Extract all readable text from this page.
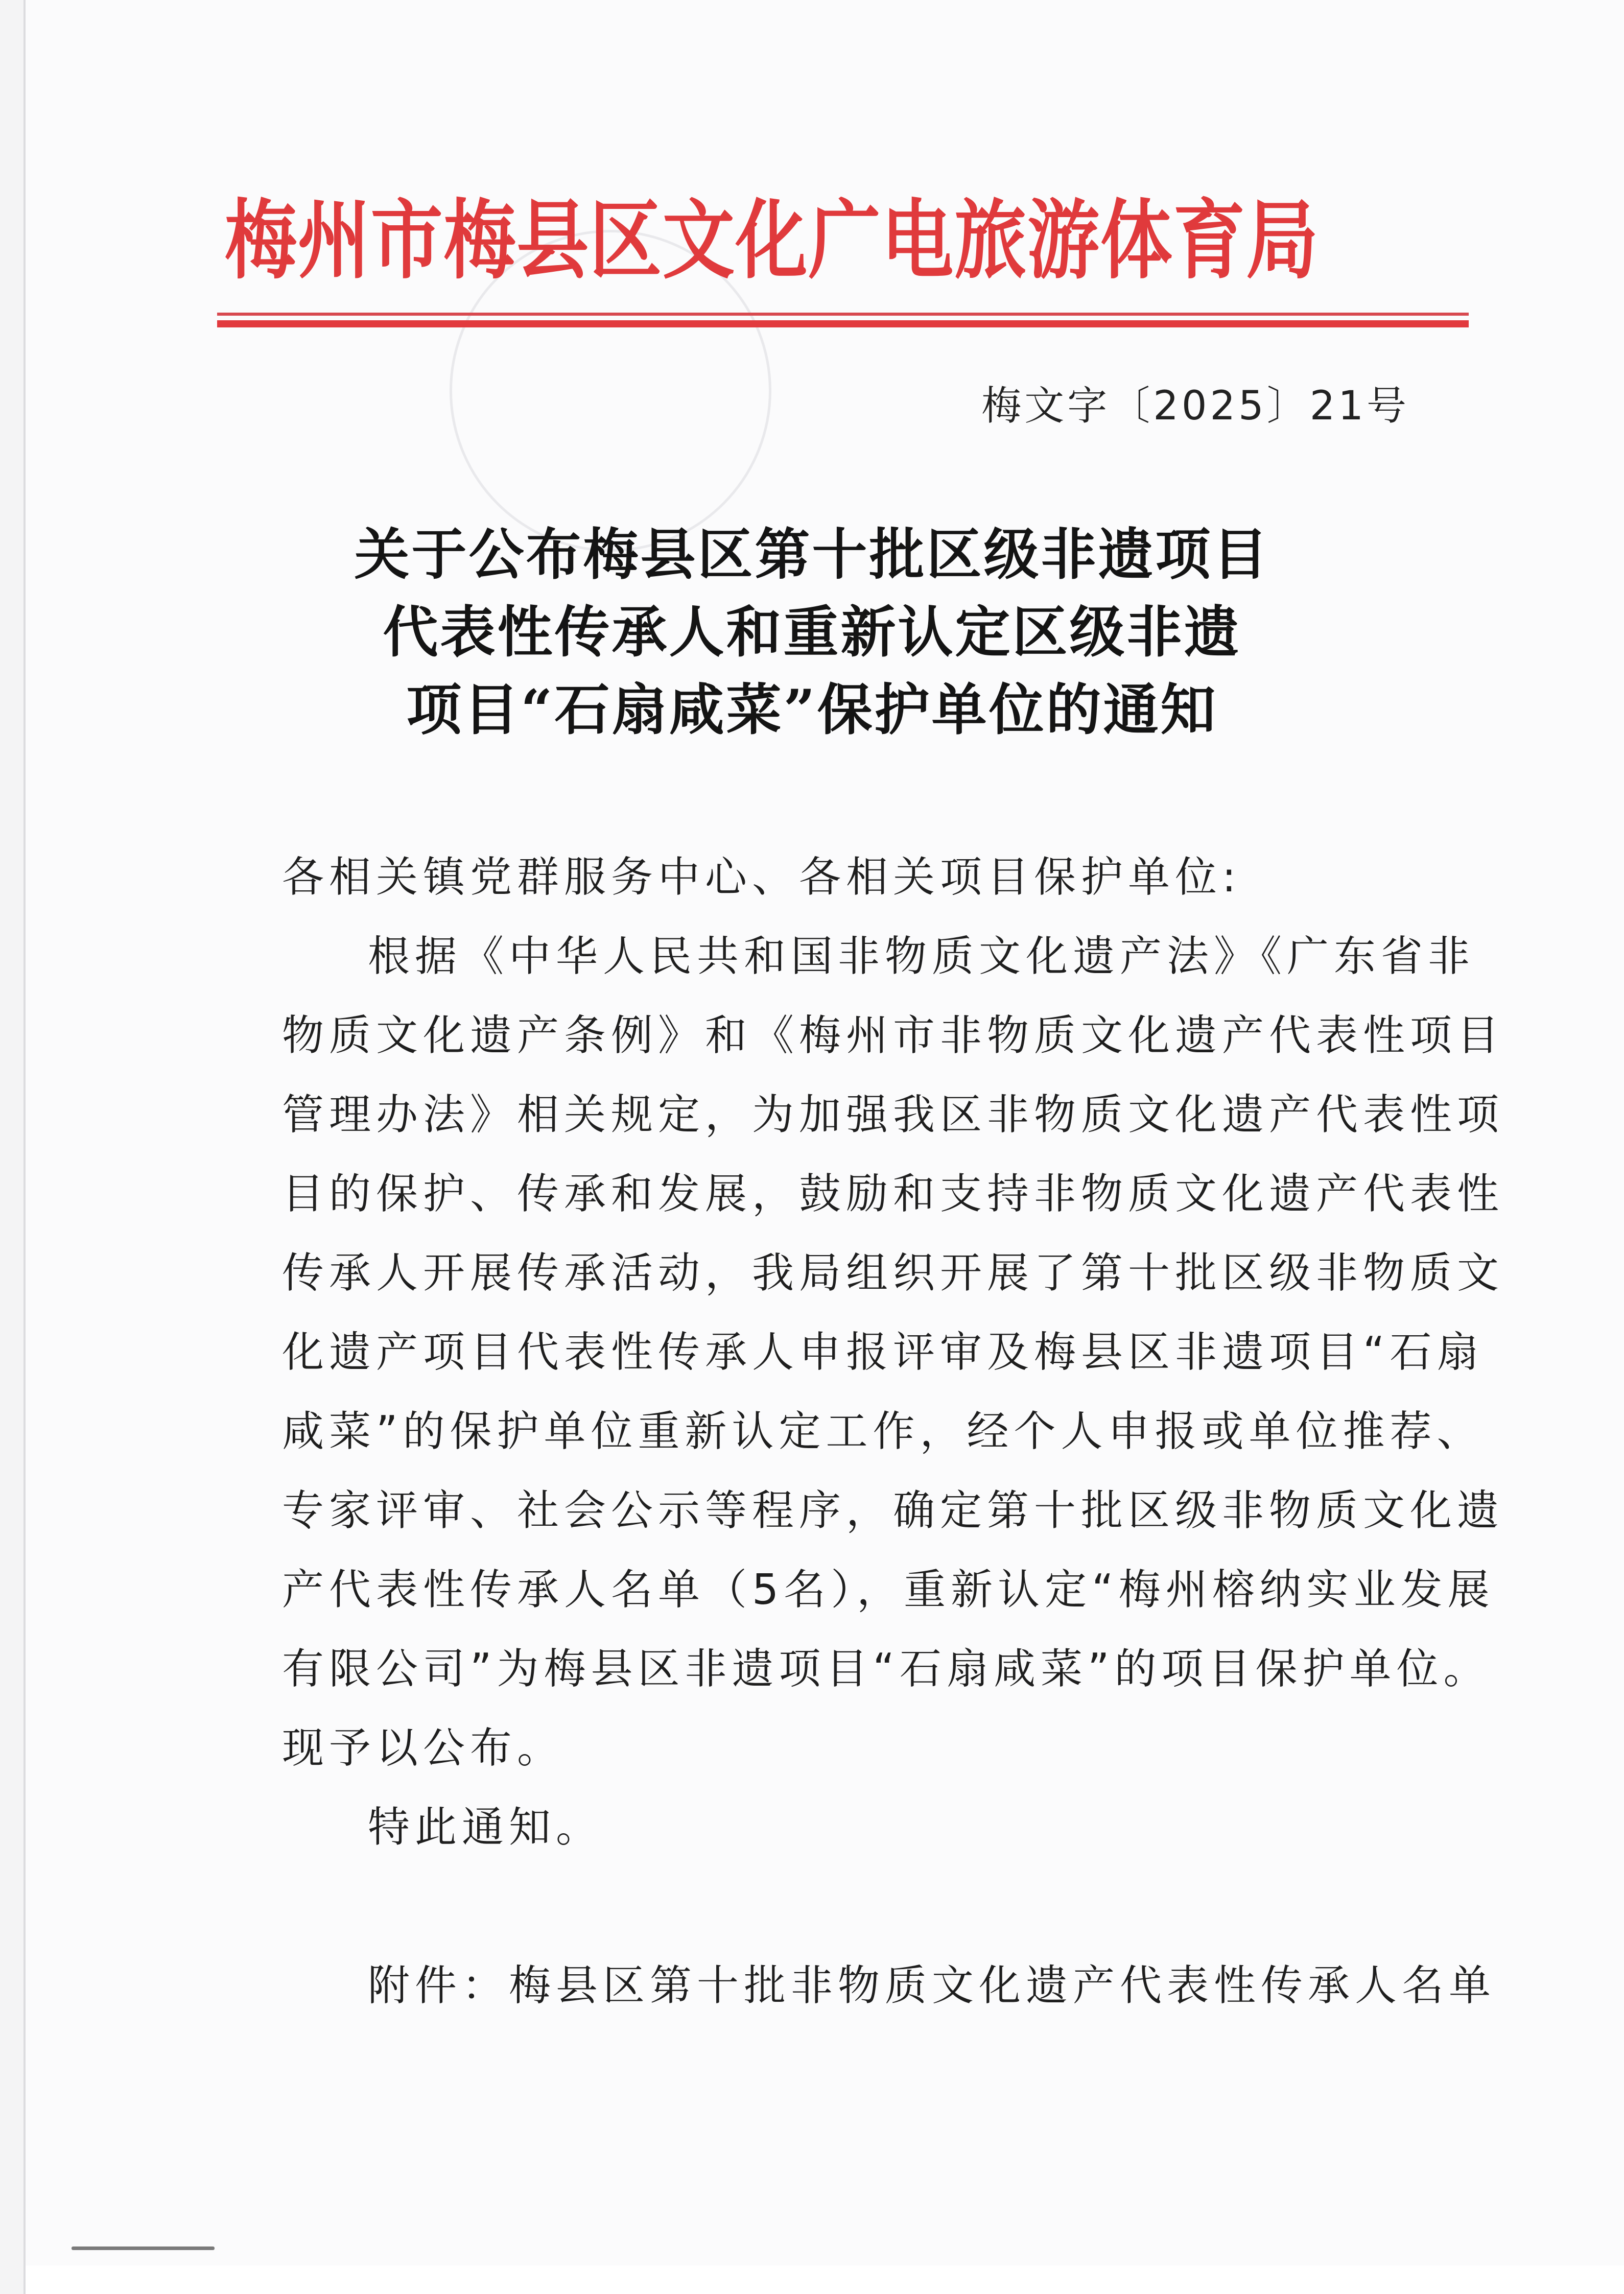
梅州市梅县区文化广电旅游体育局
梅文字〔2025〕21号
关于公布梅县区第十批区级非遗项目
代表性传承人和重新认定区级非遗
项目“石扇咸菜”保护单位的通知
各相关镇党群服务中心、各相关项目保护单位:
根据《中华人民共和国非物质文化遗产法》《广东省非
物质文化遗产条例》和《梅州市非物质文化遗产代表性项目
管理办法》相关规定，为加强我区非物质文化遗产代表性项
目的保护、传承和发展，鼓励和支持非物质文化遗产代表性
传承人开展传承活动，我局组织开展了第十批区级非物质文
化遗产项目代表性传承人申报评审及梅县区非遗项目“石扇
咸菜”的保护单位重新认定工作，经个人申报或单位推荐、
专家评审、社会公示等程序，确定第十批区级非物质文化遗
产代表性传承人名单（5名），重新认定“梅州榕纳实业发展
有限公司”为梅县区非遗项目“石扇咸菜”的项目保护单位。
现予以公布。
特此通知。
附件：梅县区第十批非物质文化遗产代表性传承人名单
